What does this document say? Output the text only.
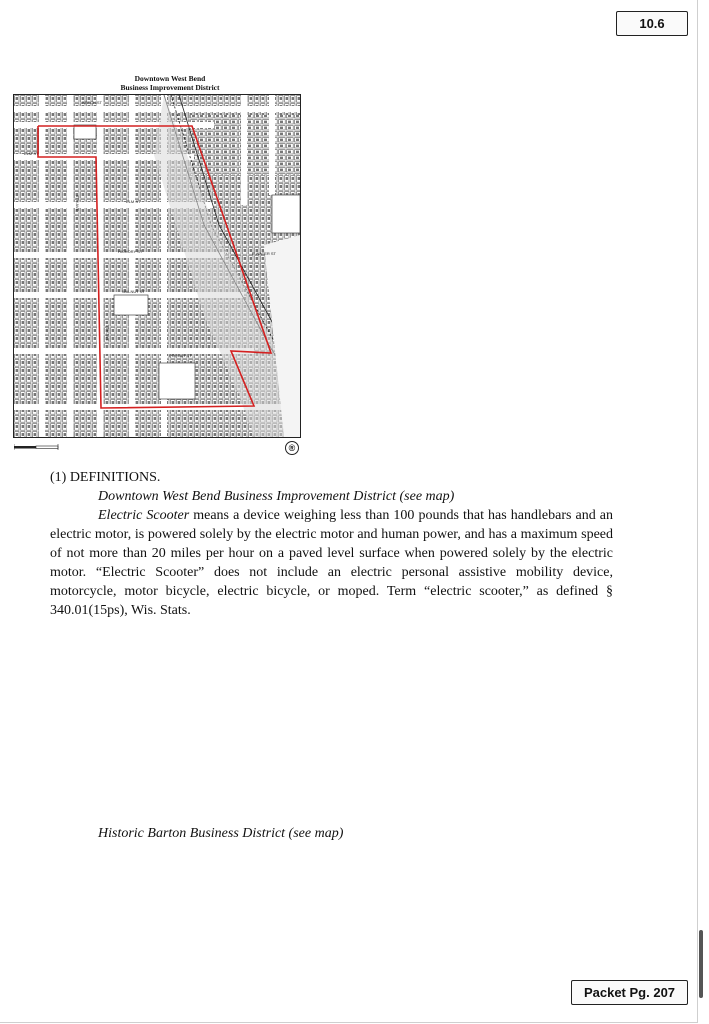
10.6
Downtown West Bend
Business Improvement District
BEECH ST
ELM ST
ELM ST
HICKORY ST
WALNUT ST
POPLAR ST
E WATER ST
6TH AVE
5TH AVE
®
(1) DEFINITIONS.
Downtown West Bend Business Improvement District (see map)
Electric Scooter means a device weighing less than 100 pounds that has handlebars and an electric motor, is powered solely by the electric motor and human power, and has a maximum speed of not more than 20 miles per hour on a paved level surface when powered solely by the electric motor. “Electric Scooter” does not include an electric personal assistive mobility device, motorcycle, motor bicycle, electric bicycle, or moped. Term “electric scooter,” as defined § 340.01(15ps), Wis. Stats.
Historic Barton Business District (see map)
Packet Pg. 207
